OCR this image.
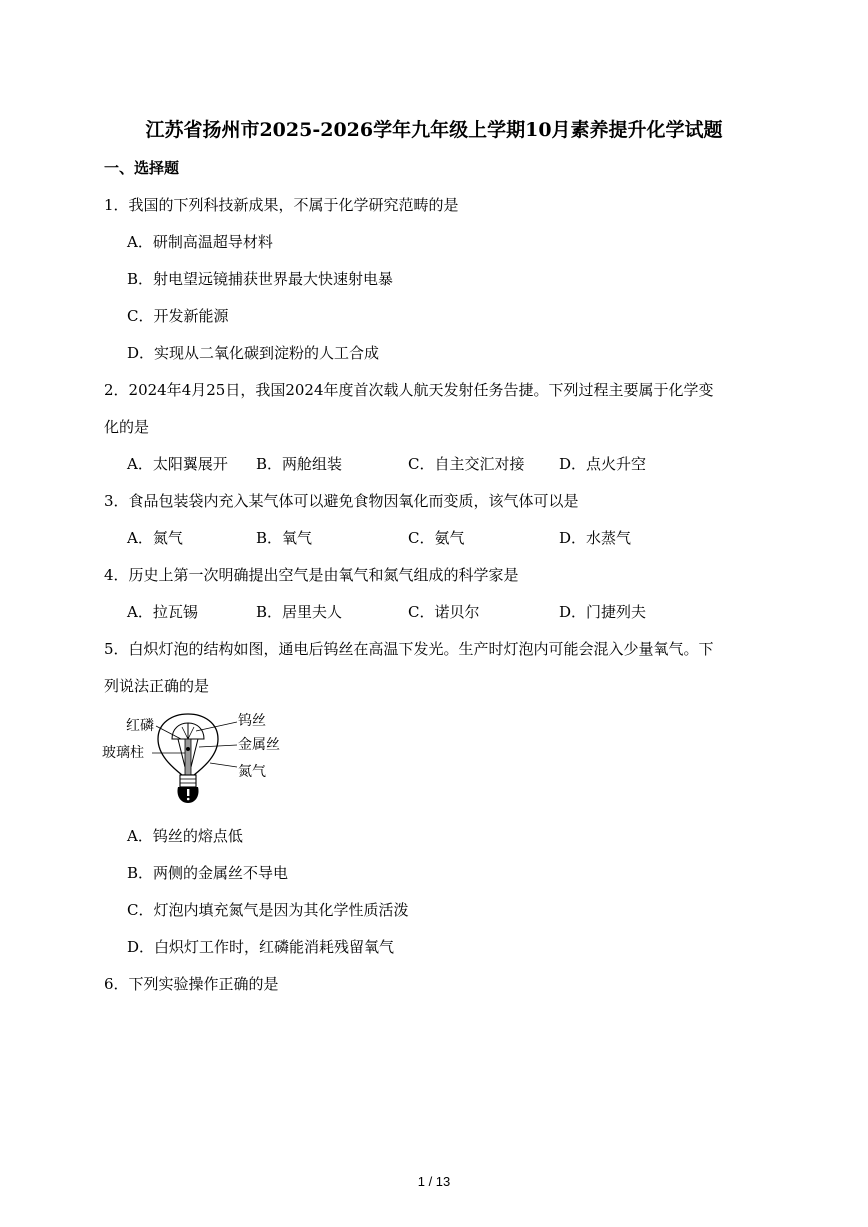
江苏省扬州市2025-2026学年九年级上学期10月素养提升化学试题
一、选择题
1．我国的下列科技新成果，不属于化学研究范畴的是
A．研制高温超导材料
B．射电望远镜捕获世界最大快速射电暴
C．开发新能源
D．实现从二氧化碳到淀粉的人工合成
2．2024年4月25日，我国2024年度首次载人航天发射任务告捷。下列过程主要属于化学变
化的是
A．太阳翼展开 B．两舱组装	C．自主交汇对接 D．点火升空
3．食品包装袋内充入某气体可以避免食物因氧化而变质，该气体可以是
A．氮气	B．氧气	C．氨气	D．水蒸气
4．历史上第一次明确提出空气是由氧气和氮气组成的科学家是
A．拉瓦锡	B．居里夫人	C．诺贝尔	D．门捷列夫
5．白炽灯泡的结构如图，通电后钨丝在高温下发光。生产时灯泡内可能会混入少量氧气。下
列说法正确的是
红磷	钨丝
金属丝
玻璃柱
氮气
A．钨丝的熔点低
B．两侧的金属丝不导电
C．灯泡内填充氮气是因为其化学性质活泼
D．白炽灯工作时，红磷能消耗残留氧气
6．下列实验操作正确的是
1 / 13
